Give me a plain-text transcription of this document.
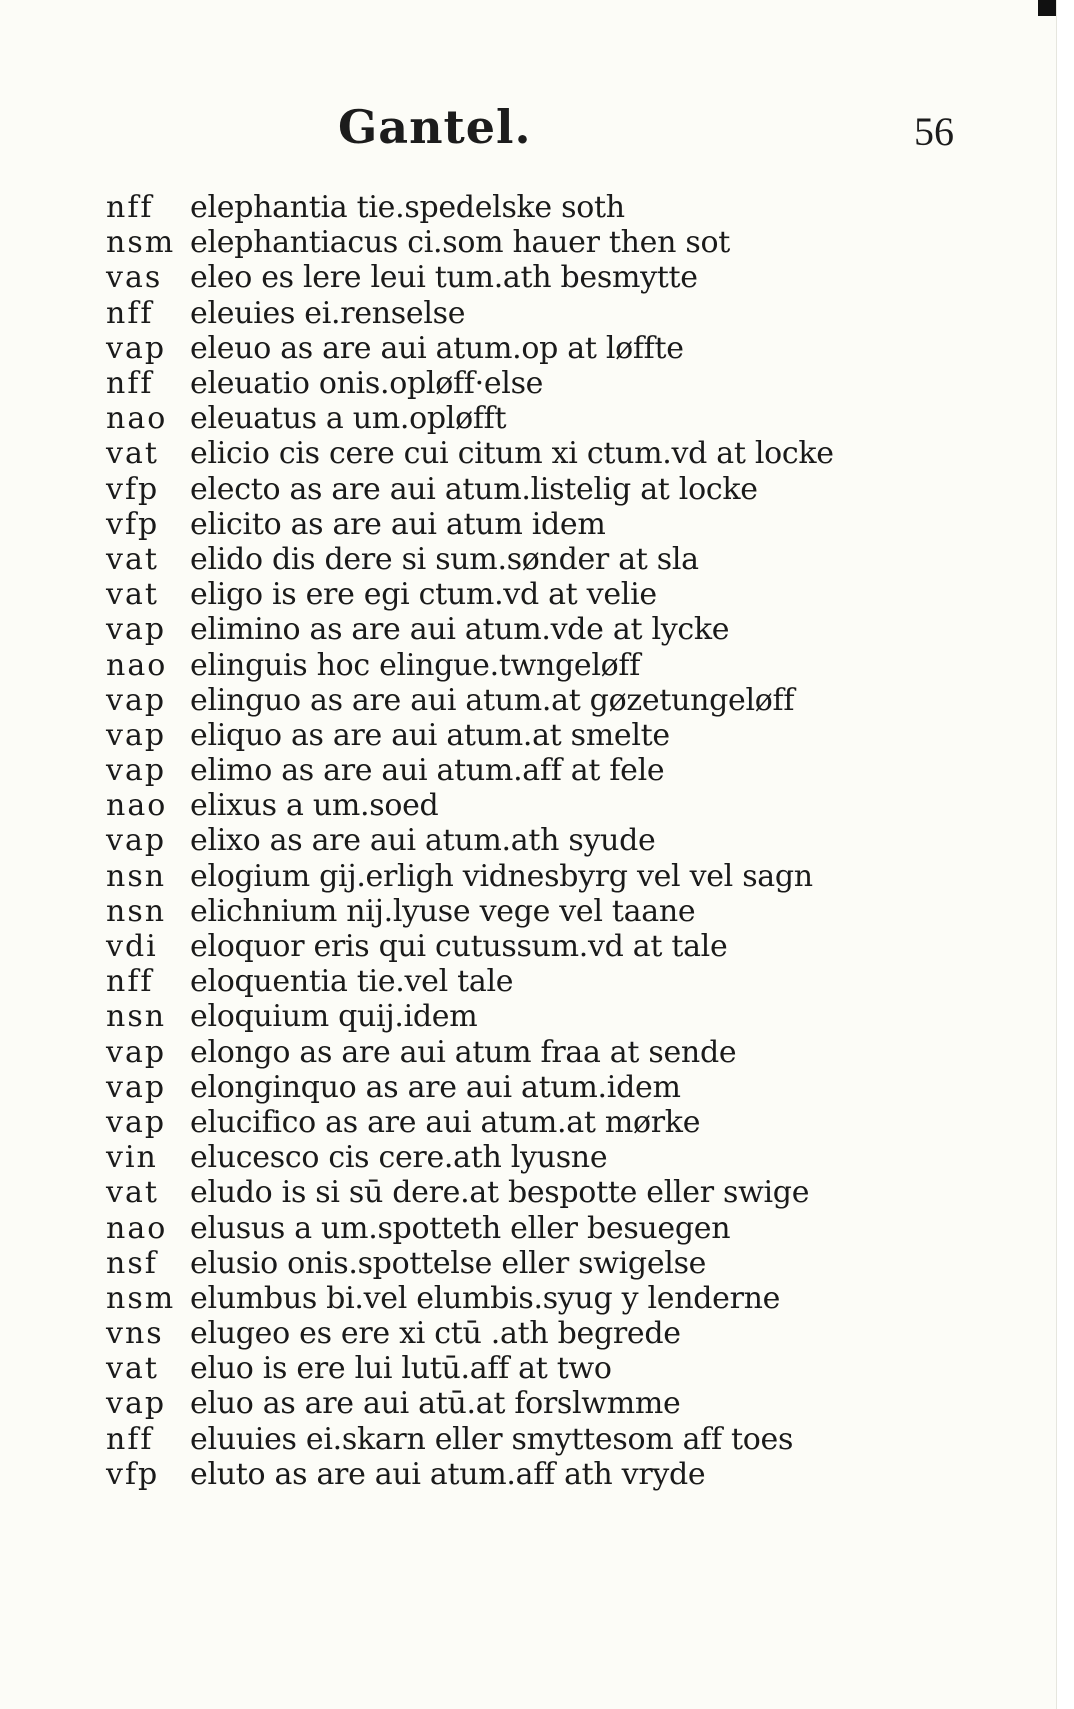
Gantel.	56
nff	elephantia tie.spedelske soth
nsm elephantiacus ci.som hauer then sot
vas eleo es lere leui tum.ath besmytte
nff	eleuies ei.renselse
vap eleuo as are aui atum.op at løffte
nff	eleuatio onis.opløff·else
nao eleuatus a um.opløfft
vat	elicio cis cere cui citum xi ctum.vd at locke
vfp	electo as are aui atum.listelig at locke
vfp	elicito as are aui atum idem
vat	elido dis dere si sum.sønder at sla
vat	eligo is ere egi ctum.vd at velie
vap elimino as are aui atum.vde at lycke
nao elinguis hoc elingue.twngeløff
vap elinguo as are aui atum.at gøzetungeløff
vap eliquo as are aui atum.at smelte
vap elimo as are aui atum.aff at fele
nao elixus a um.soed
vap elixo as are aui atum.ath syude
nsn elogium gij.erligh vidnesbyrg vel vel sagn
nsn elichnium nij.lyuse vege vel taane
vdi	eloquor eris qui cutussum.vd at tale
nff	eloquentia tie.vel tale
nsn eloquium quij.idem
vap elongo as are aui atum fraa at sende
vap elonginquo as are aui atum.idem
vap elucifico as are aui atum.at mørke
vin	elucesco cis cere.ath lyusne
vat	eludo is si sū dere.at bespotte eller swige
nao elusus a um.spotteth eller besuegen
nsf	elusio onis.spottelse eller swigelse
nsm elumbus bi.vel elumbis.syug y lenderne
vns elugeo es ere xi ctū .ath begrede
vat	eluo is ere lui lutū.aff at two
vap eluo as are aui atū.at forslwmme
nff	eluuies ei.skarn eller smyttesom aff toes
vfp	eluto as are aui atum.aff ath vryde
